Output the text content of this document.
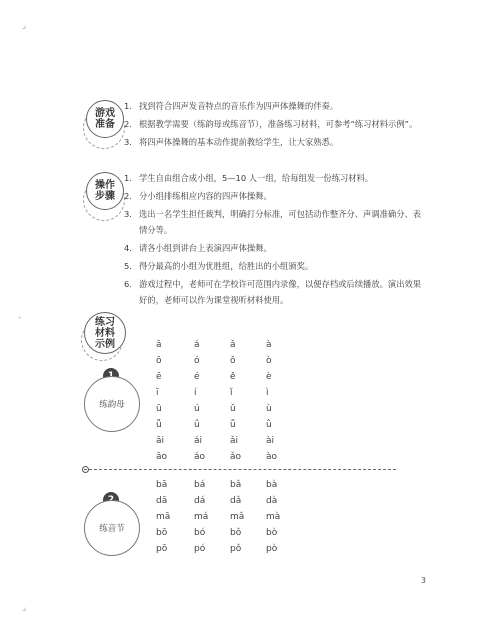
⌟
-
⌟
游戏准备
1. 找到符合四声发音特点的音乐作为四声体操舞的伴奏。
2. 根据教学需要（练韵母或练音节），准备练习材料，可参考“练习材料示例”。
3. 将四声体操舞的基本动作提前教给学生，让大家熟悉。
操作步骤
1. 学生自由组合成小组，5—10 人一组，给每组发一份练习材料。
2. 分小组排练相应内容的四声体操舞。
3. 选出一名学生担任裁判，明确打分标准，可包括动作整齐分、声调准确分、表情分等。
4. 请各小组到讲台上表演四声体操舞。
5. 得分最高的小组为优胜组，给胜出的小组颁奖。
6. 游戏过程中，老师可在学校许可范围内录像，以便存档或后续播放。演出效果好的，老师可以作为课堂视听材料使用。
练习材料示例
练韵母
ā	á	ǎ	à
ō	ó	ǒ	ò
ē	é	ě	è
ī	í	ǐ	ì
ū	ú	ǔ	ù
ǖ	ǘ	ǚ	ǜ
āi	ái	ǎi	ài
āo	áo	ǎo	ào
练音节
bā	bá	bǎ	bà
dā	dá	dǎ	dà
mā	má	mǎ	mà
bō	bó	bǒ	bò
pō	pó	pǒ	pò
3
